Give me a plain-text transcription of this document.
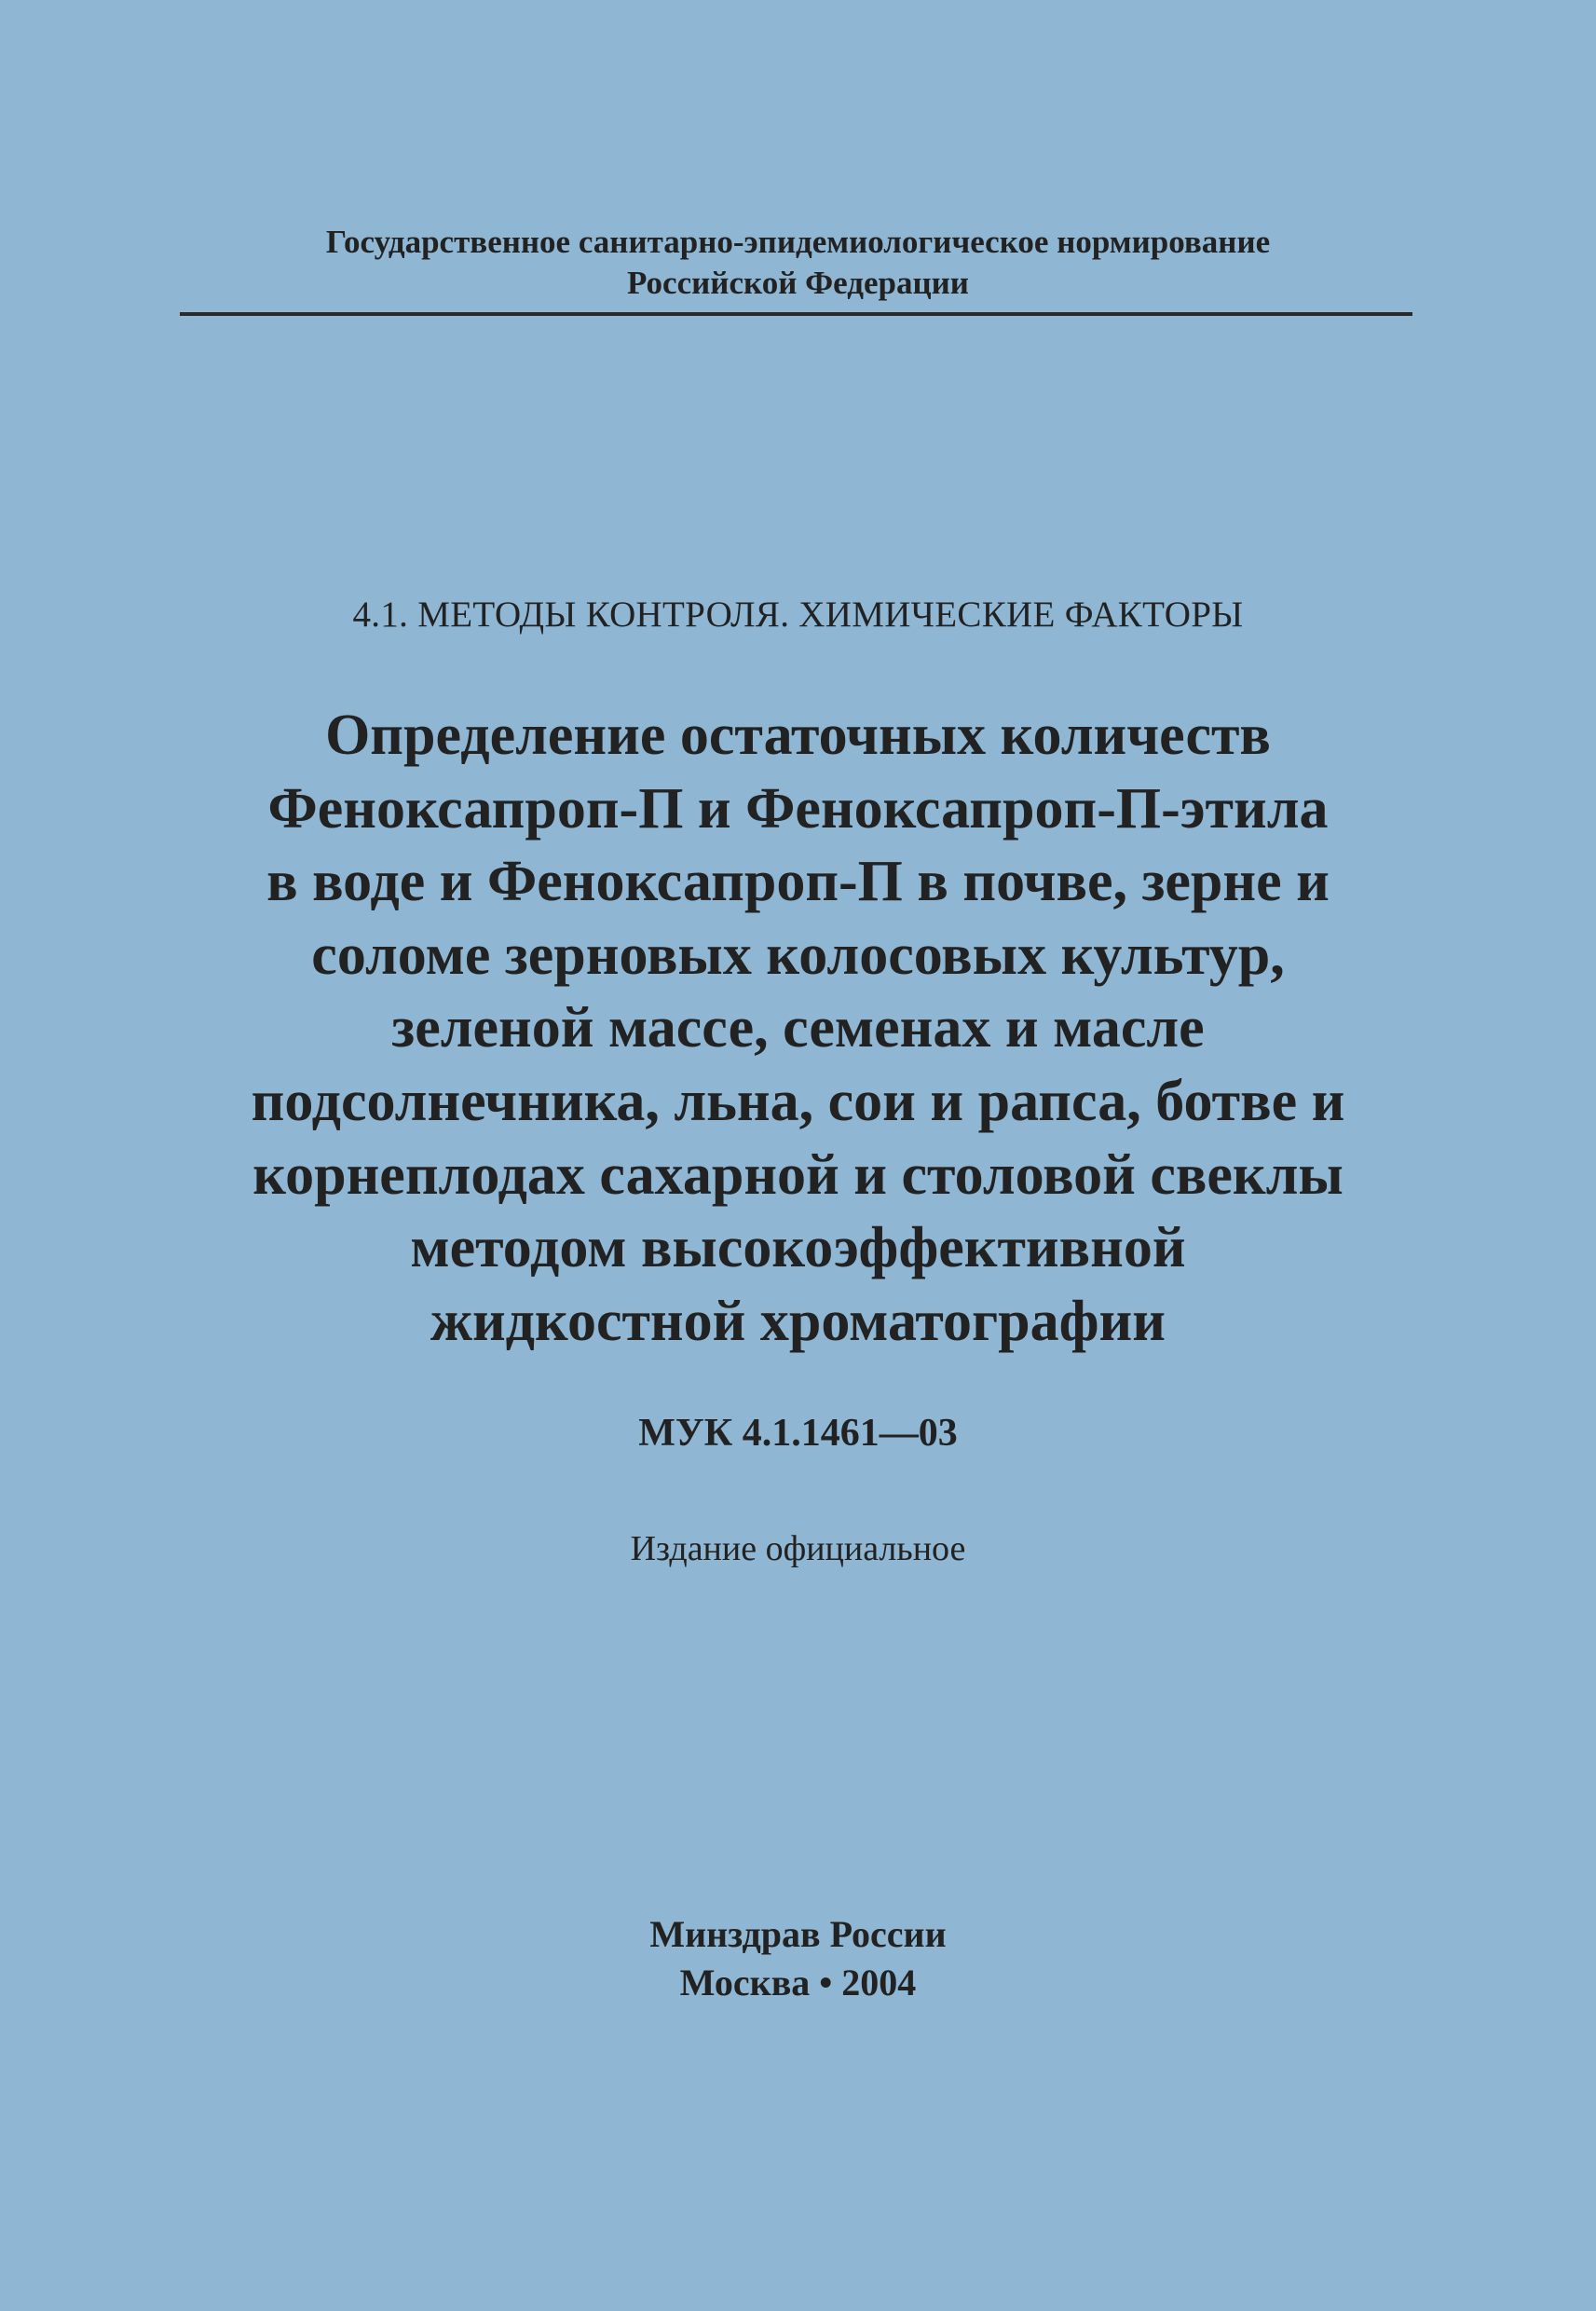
Государственное санитарно-эпидемиологическое нормирование
Российской Федерации
4.1. МЕТОДЫ КОНТРОЛЯ. ХИМИЧЕСКИЕ ФАКТОРЫ
Определение остаточных количеств
Феноксапроп-П и Феноксапроп-П-этила
в воде и Феноксапроп-П в почве, зерне и
соломе зерновых колосовых культур,
зеленой массе, семенах и масле
подсолнечника, льна, сои и рапса, ботве и
корнеплодах сахарной и столовой свеклы
методом высокоэффективной
жидкостной хроматографии
МУК 4.1.1461—03
Издание официальное
Минздрав России
Москва • 2004
